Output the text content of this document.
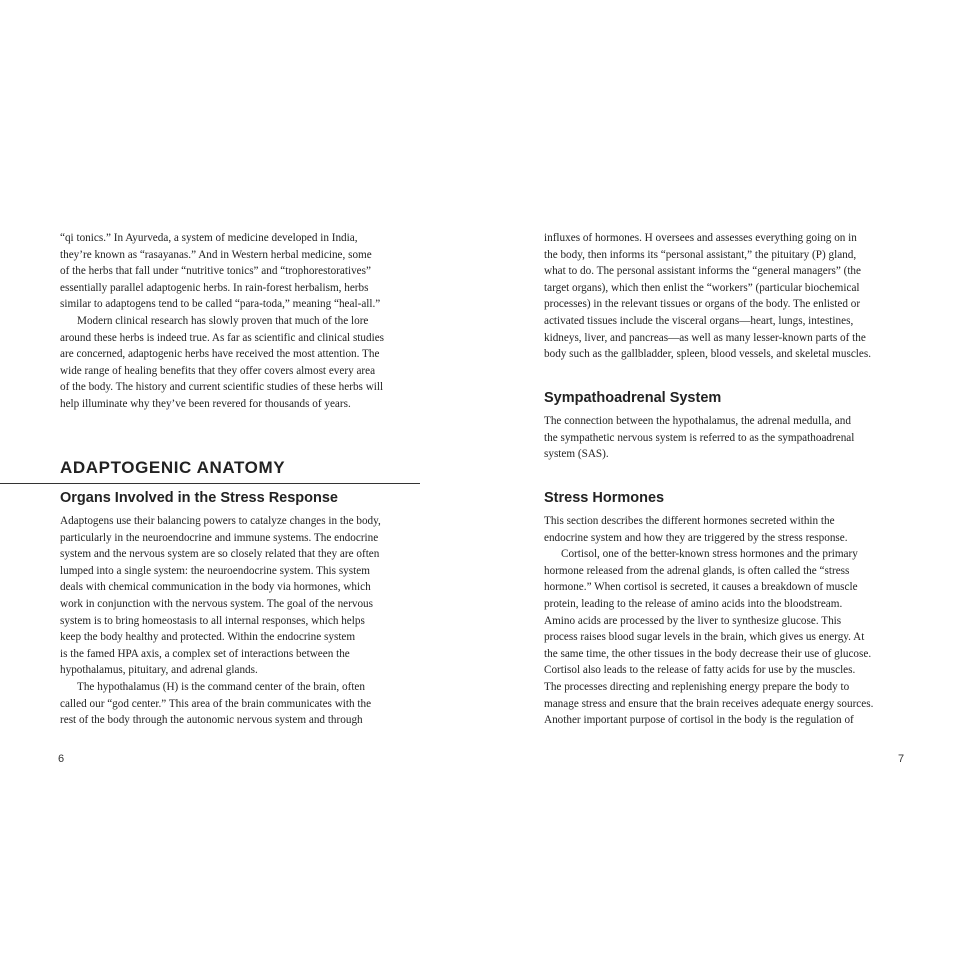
“qi tonics.” In Ayurveda, a system of medicine developed in India,
they’re known as “rasayanas.” And in Western herbal medicine, some
of the herbs that fall under “nutritive tonics” and “trophorestoratives”
essentially parallel adaptogenic herbs. In rain-forest herbalism, herbs
similar to adaptogens tend to be called “para-toda,” meaning “heal-all.”
Modern clinical research has slowly proven that much of the lore
around these herbs is indeed true. As far as scientific and clinical studies
are concerned, adaptogenic herbs have received the most attention. The
wide range of healing benefits that they offer covers almost every area
of the body. The history and current scientific studies of these herbs will
help illuminate why they’ve been revered for thousands of years.
ADAPTOGENIC ANATOMY
Organs Involved in the Stress Response
Adaptogens use their balancing powers to catalyze changes in the body,
particularly in the neuroendocrine and immune systems. The endocrine
system and the nervous system are so closely related that they are often
lumped into a single system: the neuroendocrine system. This system
deals with chemical communication in the body via hormones, which
work in conjunction with the nervous system. The goal of the nervous
system is to bring homeostasis to all internal responses, which helps
keep the body healthy and protected. Within the endocrine system
is the famed HPA axis, a complex set of interactions between the
hypothalamus, pituitary, and adrenal glands.
The hypothalamus (H) is the command center of the brain, often
called our “god center.” This area of the brain communicates with the
rest of the body through the autonomic nervous system and through
6
influxes of hormones. H oversees and assesses everything going on in
the body, then informs its “personal assistant,” the pituitary (P) gland,
what to do. The personal assistant informs the “general managers” (the
target organs), which then enlist the “workers” (particular biochemical
processes) in the relevant tissues or organs of the body. The enlisted or
activated tissues include the visceral organs—heart, lungs, intestines,
kidneys, liver, and pancreas—as well as many lesser-known parts of the
body such as the gallbladder, spleen, blood vessels, and skeletal muscles.
Sympathoadrenal System
The connection between the hypothalamus, the adrenal medulla, and
the sympathetic nervous system is referred to as the sympathoadrenal
system (SAS).
Stress Hormones
This section describes the different hormones secreted within the
endocrine system and how they are triggered by the stress response.
Cortisol, one of the better-known stress hormones and the primary
hormone released from the adrenal glands, is often called the “stress
hormone.” When cortisol is secreted, it causes a breakdown of muscle
protein, leading to the release of amino acids into the bloodstream.
Amino acids are processed by the liver to synthesize glucose. This
process raises blood sugar levels in the brain, which gives us energy. At
the same time, the other tissues in the body decrease their use of glucose.
Cortisol also leads to the release of fatty acids for use by the muscles.
The processes directing and replenishing energy prepare the body to
manage stress and ensure that the brain receives adequate energy sources.
Another important purpose of cortisol in the body is the regulation of
7
